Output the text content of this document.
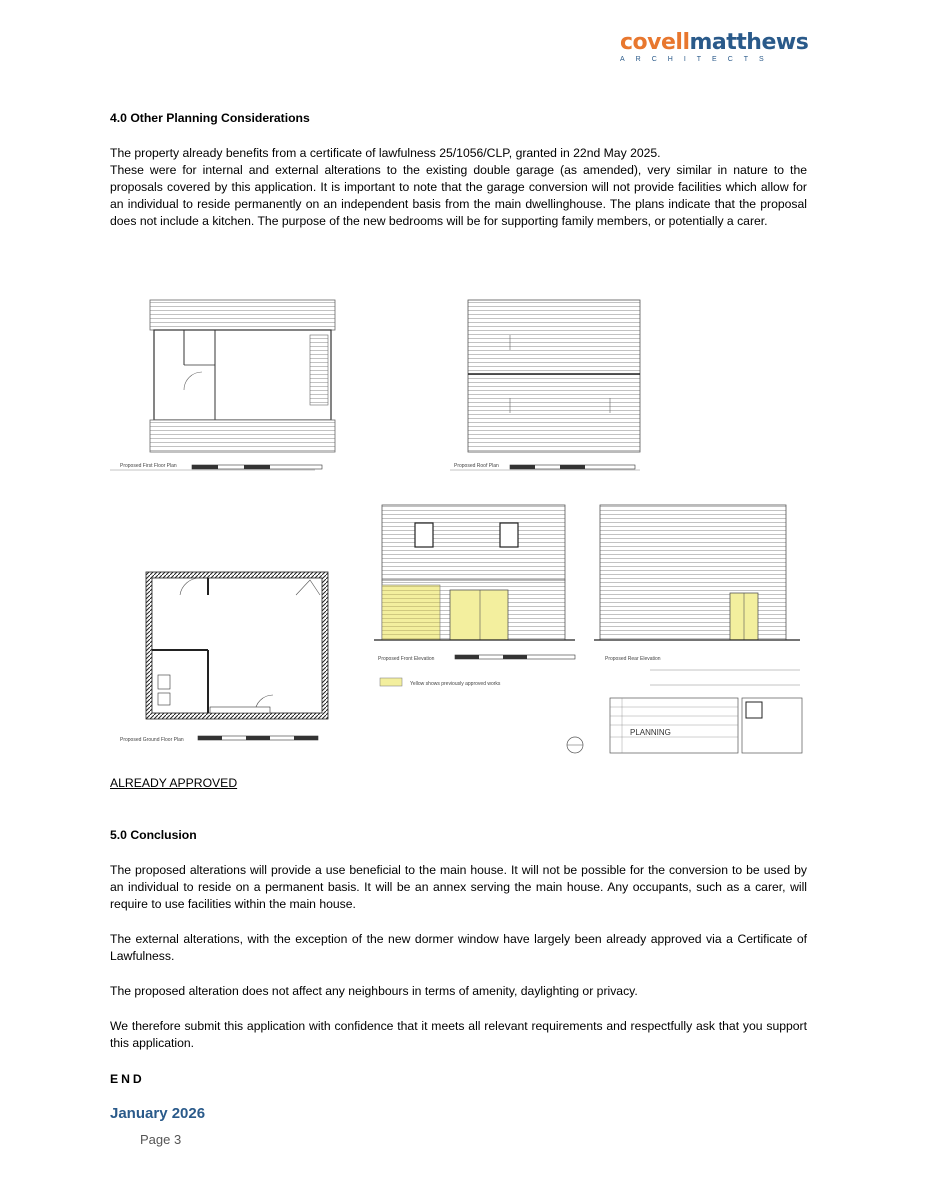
covellmatthews
ARCHITECTS
4.0 Other Planning Considerations
The property already benefits from a certificate of lawfulness 25/1056/CLP, granted in 22nd May 2025.
These were for internal and external alterations to the existing double garage (as amended), very similar in nature to the proposals covered by this application. It is important to note that the garage conversion will not provide facilities which allow for an individual to reside permanently on an independent basis from the main dwellinghouse. The plans indicate that the proposal does not include a kitchen. The purpose of the new bedrooms will be for supporting family members, or potentially a carer.
Proposed First Floor Plan	Proposed Roof Plan
Proposed Front Elevation
Yellow shows previously approved works
Proposed Rear Elevation
PLANNING
Proposed Ground Floor Plan
ALREADY APPROVED
5.0 Conclusion
The proposed alterations will provide a use beneficial to the main house. It will not be possible for the conversion to be used by an individual to reside on a permanent basis. It will be an annex serving the main house. Any occupants, such as a carer, will require to use facilities within the main house.
The external alterations, with the exception of the new dormer window have largely been already approved via a Certificate of Lawfulness.
The proposed alteration does not affect any neighbours in terms of amenity, daylighting or privacy.
We therefore submit this application with confidence that it meets all relevant requirements and respectfully ask that you support this application.
END
January 2026
Page 3
